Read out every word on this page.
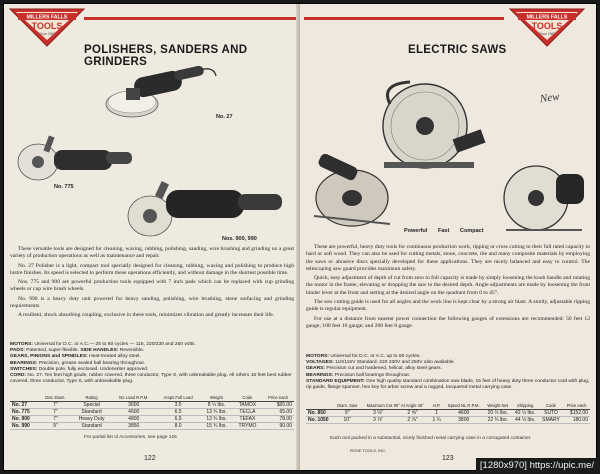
MILLERS FALLS
TOOLS
Since 1868
POLISHERS, SANDERS AND GRINDERS
No. 27
No. 775
Nos. 900, 990

These versatile tools are designed for cleaning, waxing, rubbing, polishing, sanding, wire brushing and grinding on a great variety of production operations as well as maintenance and repair.

No. 27 Polisher is a light, compact tool specially designed for cleaning, rubbing, waxing and polishing to produce high lustre finishes. Its speed is selected to perform these operations efficiently, and without damage in the shortest possible time.

Nos. 775 and 900 are powerful production tools equipped with 7 inch pads which can be replaced with cup grinding wheels or cup wire brush wheels.

No. 990 is a heavy duty unit powered for heavy sanding, polishing, wire brushing, stone surfacing and grinding requirements.

A resilient, shock absorbing coupling, exclusive in these tools, minimizes vibration and greatly increases their life.

MOTORS: Universal for D.C. or A.C.— 25 to 60 cycles — 115, 220/230 and 250 volts.
PADS: Patented, super-flexible. SIDE HANDLES: Reversible.
GEARS, PINIONS and SPINDLES: Heat-treated alloy steel.
BEARINGS: Precision, grease sealed ball bearing throughout.
SWITCHES: Double pole, fully enclosed. Underwriter approved.
CORD: No. 27. Ten feet high grade, rubber covered, three conductor, Type S, with unbreakable plug. All others 15 feet best rubber covered, three conductor, Type S, with unbreakable plug.
	Disc Diam.	Rating	No Load R.P.M.	Amps Full Load	Weight	Code	Price each
No. 27	7"	Special	3600	3.5	8 ¼ lbs.	TAMOX	$65.00
No. 775	7"	Standard	4600	6.5	13 ¾ lbs.	TECLA	65.00
No. 900	7"	Heavy Duty	4800	6.5	13 ¾ lbs.	TEFAX	78.00
No. 990	9"	Standard	3850	8.0	15 ¾ lbs.	TRYMO	90.00
For partial list of Accessories, see page 126
122
MILLERS FALLS
TOOLS
Since 1868
ELECTRIC SAWS
New
Powerful Fast Compact

These are powerful, heavy duty tools for continuous production work, ripping or cross cutting to their full rated capacity in hard or soft wood. They can also be used for cutting metals, stone, concrete, tile and many composite materials by employing the saws or abrasive discs specially developed for these applications. They are nicely balanced and easy to control. The telescoping saw guard provides maximum safety.

Quick, easy adjustment of depth of cut from zero to full capacity is made by simply loosening the knob handle and rotating the motor in the frame, elevating or dropping the saw to the desired depth. Angle adjustments are made by loosening the front binder lever at the front and setting at the desired angle on the quadrant from 0 to 45°.

The saw cutting guide is used for all angles and the work line is kept clear by a strong air blast. A sturdy, adjustable ripping guide is regular equipment.

For use at a distance from nearest power connection the following gauges of extensions are recommended: 50 feet 12 gauge; 100 feet 10 gauge; and 200 feet 8 gauge.

MOTORS: Universal for D.C. or A.C. up to 60 cycles.
VOLTAGES: 110/115V Standard. 220 230V and 250V also available.
GEARS: Precision cut and hardened, helical, alloy steel gears.
BEARINGS: Precision ball bearings throughout.
STANDARD EQUIPMENT: One high quality standard combination saw blade, 15 feet of heavy duty three conductor cord with plug, rip guide, flange spanner, hex key for arbor screw and a rugged, lacquered metal carrying case.
	Diam. Saw	Maximum Cut 90° At Angle 45°		H.P.	Speed NL R.P.M.	Weight Net	Shipping	Code	Price each
No. 850	9"	3 ⅛"	2 ⅝"	1	4600	20 ½ lbs.	42 ½ lbs.	SUTO	$152.00
No. 1050	10"	3 ⅞"	2 ⅞"	1 ¼	3800	22 ¾ lbs.	44 ½ lbs.	SMARY	180.00
Each tool packed in a substantial, nicely finished metal carrying case in a corrugated container.
ROSE TOOLS, INC.
123
[1280x970] https://upic.me/
